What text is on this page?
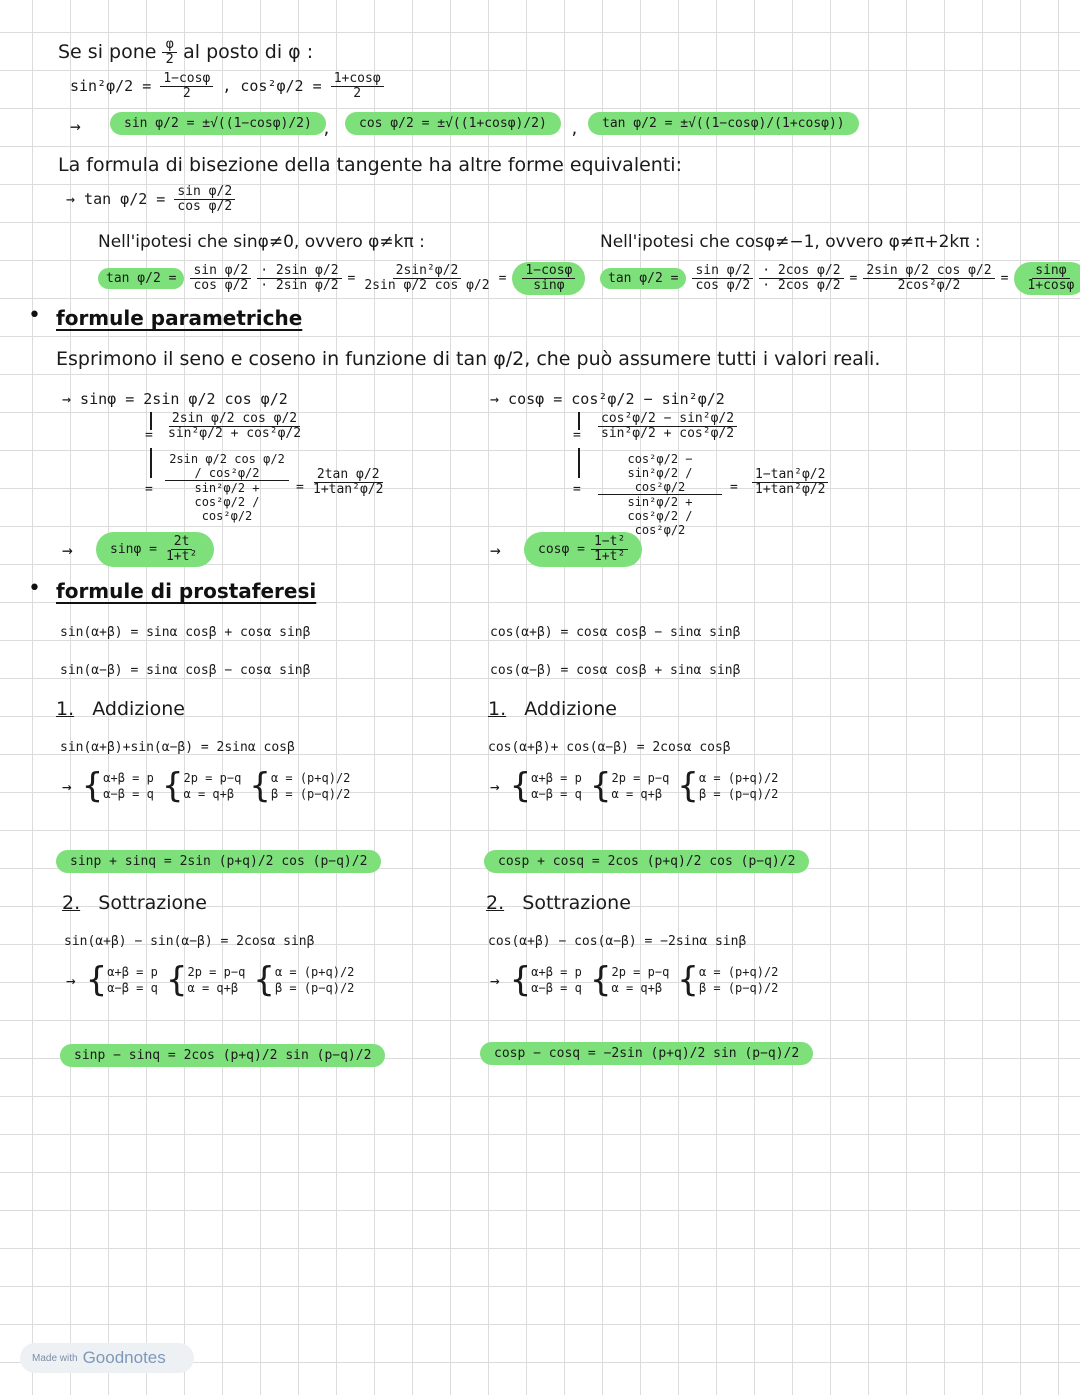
Se si pone $\frac{\varphi}{2}$ al posto di φ :
$\sin^2\varphi/2 = \frac{1-\cos\varphi}{2}$ , $\cos^2\varphi/2 = \frac{1+\cos\varphi}{2}$
→	sin φ/2 = ±√((1−cosφ)/2) ,	cos φ/2 = ±√((1+cosφ)/2)	,	tan φ/2 = ±√((1−cosφ)/(1+cosφ))
La formula di bisezione della tangente ha altre forme equivalenti:
→ $\tan \varphi/2 = \frac{\text{sin φ/2}}{\text{cos φ/2}}$
Nell'ipotesi che sinφ≠0, ovvero φ≠kπ :
tan φ/2 =	$\frac{\text{sin φ/2}}{\text{cos φ/2}} \frac{\text{· 2sin φ/2}}{\text{· 2sin φ/2}} = \frac{\text{2sin²φ/2}}{\text{2sin φ/2 cos φ/2}} = \frac{1-\cos\varphi}{\sin\varphi}$
Nell'ipotesi che cosφ≠−1, ovvero φ≠π+2kπ :
tan φ/2 =	$\frac{\text{sin φ/2}}{\text{cos φ/2}} \frac{\text{· 2cos φ/2}}{\text{· 2cos φ/2}} = \frac{\text{2sin φ/2 cos φ/2}}{\text{2cos²φ/2}} = \frac{\sin\varphi}{1+\cos\varphi}$
• formule parametriche
Esprimono il seno e coseno in funzione di tan φ/2, che può assumere tutti i valori reali.
→ sinφ = 2sin φ/2 cos φ/2
= $\frac{\text{2sin φ/2 cos φ/2}}{\text{sin²φ/2 + cos²φ/2}}$
= $\frac{\text{2sin φ/2 cos φ/2 / cos²φ/2}}{\text{sin²φ/2 + cos²φ/2 / cos²φ/2}} = \frac{\text{2tan φ/2}}{\text{1+tan²φ/2}}$
→	$\sin\varphi = \frac{2t}{\text{1+t²}}$
→ cosφ = cos²φ/2 − sin²φ/2
= $\frac{\text{cos²φ/2 − sin²φ/2}}{\text{sin²φ/2 + cos²φ/2}}$
= $\frac{\text{cos²φ/2 − sin²φ/2 / cos²φ/2}}{\text{sin²φ/2 + cos²φ/2 / cos²φ/2}} = \frac{\text{1−tan²φ/2}}{\text{1+tan²φ/2}}$
→	$\cos\varphi = \frac{\text{1−t²}}{\text{1+t²}}$
• formule di prostaferesi
sin(α+β) = sinα cosβ + cosα sinβ
sin(α−β) = sinα cosβ − cosα sinβ
cos(α+β) = cosα cosβ − sinα sinβ
cos(α−β) = cosα cosβ + sinα sinβ
1. Addizione
sin(α+β)+sin(α−β) = 2sinα cosβ
→ { α+β = p
α−β = q { 2p = p−q
α = q+β { α = (p+q)/2
β = (p−q)/2
sinp + sinq = 2sin (p+q)/2 cos (p−q)/2
2. Sottrazione
sin(α+β) − sin(α−β) = 2cosα sinβ
→ { α+β = p
α−β = q { 2p = p−q
α = q+β { α = (p+q)/2
β = (p−q)/2
sinp − sinq = 2cos (p+q)/2 sin (p−q)/2
1. Addizione
cos(α+β)+ cos(α−β) = 2cosα cosβ
→ { α+β = p
α−β = q { 2p = p−q
α = q+β { α = (p+q)/2
β = (p−q)/2
cosp + cosq = 2cos (p+q)/2 cos (p−q)/2
2. Sottrazione
cos(α+β) − cos(α−β) = −2sinα sinβ
→ { α+β = p
α−β = q { 2p = p−q
α = q+β { α = (p+q)/2
β = (p−q)/2
cosp − cosq = −2sin (p+q)/2 sin (p−q)/2
Made with Goodnotes
